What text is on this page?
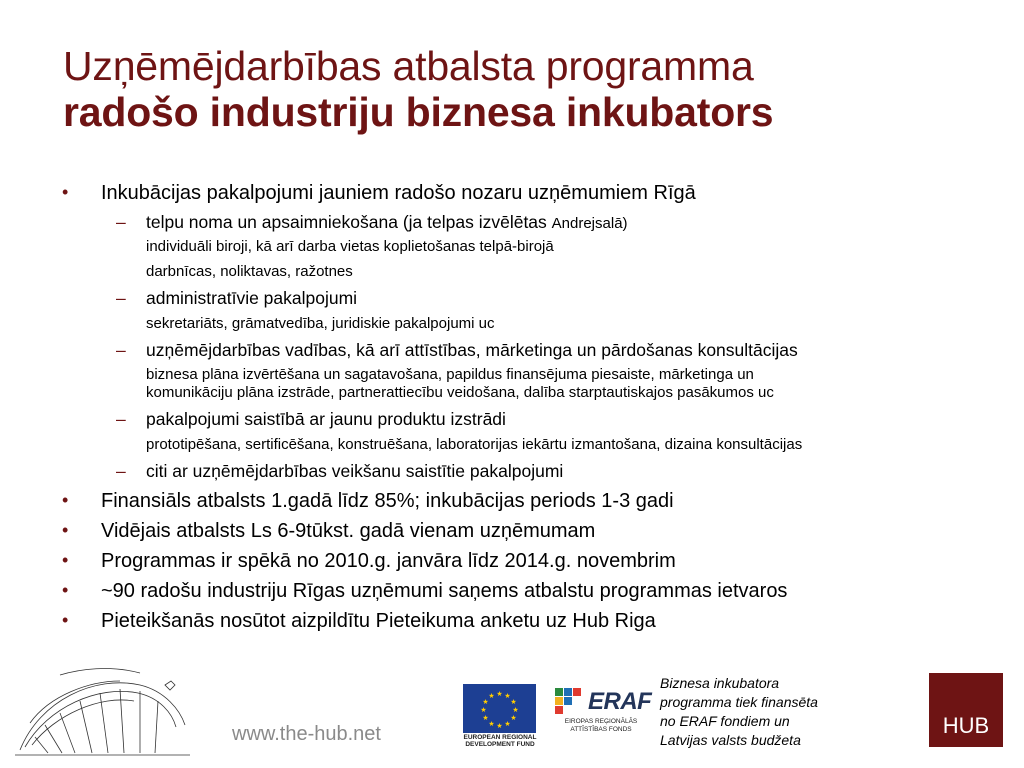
Uzņēmējdarbības atbalsta programma
radošo industriju biznesa inkubators
• Inkubācijas pakalpojumi jauniem radošo nozaru uzņēmumiem Rīgā
– telpu noma un apsaimniekošana (ja telpas izvēlētas Andrejsalā)
individuāli biroji, kā arī darba vietas koplietošanas telpā-birojā
darbnīcas, noliktavas, ražotnes
– administratīvie pakalpojumi
sekretariāts, grāmatvedība, juridiskie pakalpojumi uc
– uzņēmējdarbības vadības, kā arī attīstības, mārketinga un pārdošanas konsultācijas
biznesa plāna izvērtēšana un sagatavošana, papildus finansējuma piesaiste, mārketinga un
komunikāciju plāna izstrāde, partnerattiecību veidošana, dalība starptautiskajos pasākumos uc
– pakalpojumi saistībā ar jaunu produktu izstrādi
prototipēšana, sertificēšana, konstruēšana, laboratorijas iekārtu izmantošana, dizaina konsultācijas
– citi ar uzņēmējdarbības veikšanu saistītie pakalpojumi
• Finansiāls atbalsts 1.gadā līdz 85%; inkubācijas periods 1-3 gadi
• Vidējais atbalsts Ls 6-9tūkst. gadā vienam uzņēmumam
• Programmas ir spēkā no 2010.g. janvāra līdz 2014.g. novembrim
• ~90 radošu industriju Rīgas uzņēmumi saņems atbalstu programmas ietvaros
• Pieteikšanās nosūtot aizpildītu Pieteikuma anketu uz Hub Riga
www.the-hub.net
★ ★
★
★
★
★
★
★
★
★
★
★
EUROPEAN REGIONAL DEVELOPMENT FUND
ERAF
EIROPAS REĢIONĀLĀS ATTĪSTĪBAS FONDS
Biznesa inkubatora
programma tiek finansēta
no ERAF fondiem un
Latvijas valsts budžeta
HUB
